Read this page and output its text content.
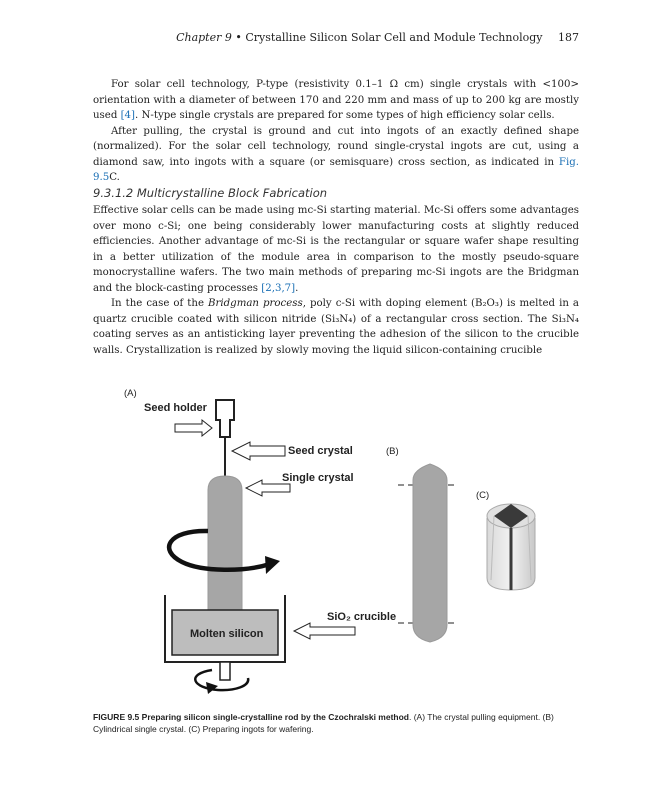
Chapter 9 • Crystalline Silicon Solar Cell and Module Technology 187

For solar cell technology, P-type (resistivity 0.1–1 Ω cm) single crystals with <100> orientation with a diameter of between 170 and 220 mm and mass of up to 200 kg are mostly used [4]. N-type single crystals are prepared for some types of high efficiency solar cells.

After pulling, the crystal is ground and cut into ingots of an exactly defined shape (normalized). For the solar cell technology, round single-crystal ingots are cut, using a diamond saw, into ingots with a square (or semisquare) cross section, as indicated in Fig. 9.5C.

9.3.1.2 Multicrystalline Block Fabrication

Effective solar cells can be made using mc-Si starting material. Mc-Si offers some advantages over mono c-Si; one being considerably lower manufacturing costs at slightly reduced efficiencies. Another advantage of mc-Si is the rectangular or square wafer shape resulting in a better utilization of the module area in comparison to the mostly pseudo-square monocrystalline wafers. The two main methods of preparing mc-Si ingots are the Bridgman and the block-casting processes [2,3,7].

In the case of the Bridgman process, poly c-Si with doping element (B₂O₃) is melted in a quartz crucible coated with silicon nitride (Si₃N₄) of a rectangular cross section. The Si₃N₄ coating serves as an antisticking layer preventing the adhesion of the silicon to the crucible walls. Crystallization is realized by slowly moving the liquid silicon-containing crucible

(A)
Seed holder
Seed crystal
Single crystal
Molten silicon
SiO₂ crucible
(B)
(C)
FIGURE 9.5 Preparing silicon single-crystalline rod by the Czochralski method. (A) The crystal pulling equipment. (B) Cylindrical single crystal. (C) Preparing ingots for wafering.
